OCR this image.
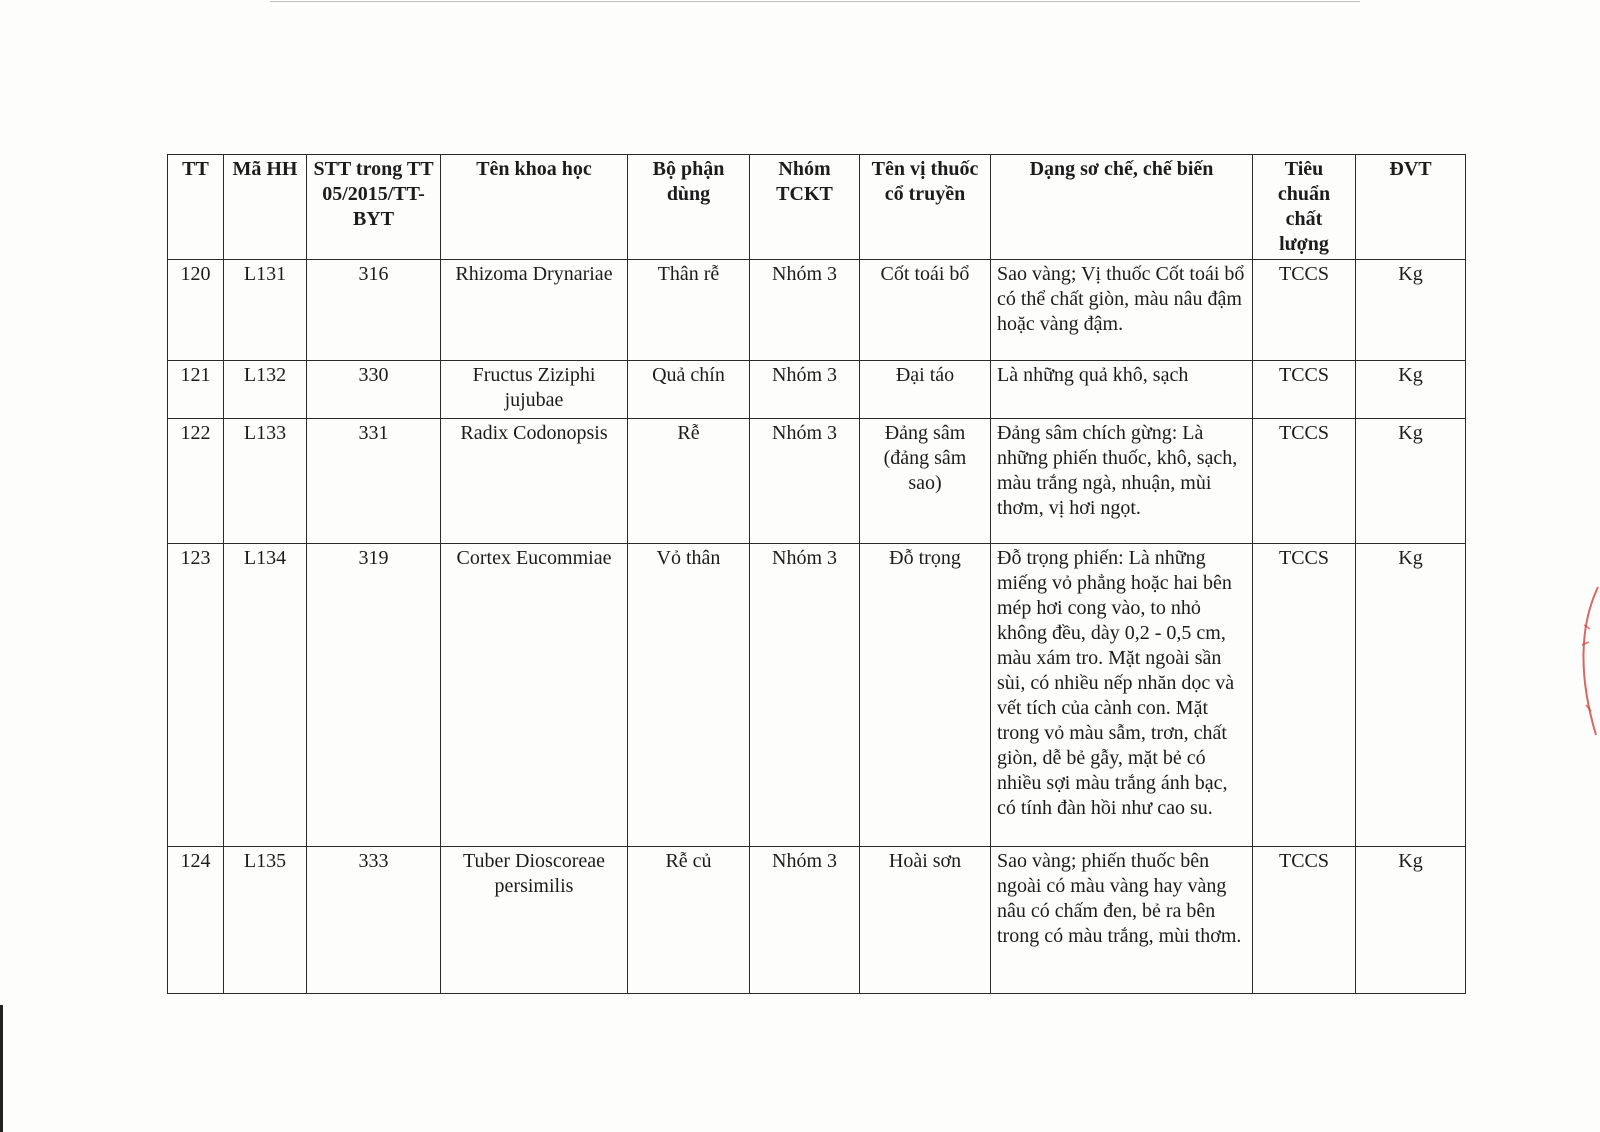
TT	Mã HH	STT trong TT 05/2015/TT-BYT	Tên khoa học	Bộ phận dùng	Nhóm TCKT	Tên vị thuốc cổ truyền	Dạng sơ chế, chế biến	Tiêu chuẩn chất lượng	ĐVT
120	L131	316	Rhizoma Drynariae	Thân rễ	Nhóm 3	Cốt toái bổ	Sao vàng; Vị thuốc Cốt toái bổ có thể chất giòn, màu nâu đậm hoặc vàng đậm.	TCCS	Kg
121	L132	330	Fructus Ziziphi jujubae	Quả chín	Nhóm 3	Đại táo	Là những quả khô, sạch	TCCS	Kg
122	L133	331	Radix Codonopsis	Rễ	Nhóm 3	Đảng sâm (đảng sâm sao)	Đảng sâm chích gừng: Là những phiến thuốc, khô, sạch, màu trắng ngà, nhuận, mùi thơm, vị hơi ngọt.	TCCS	Kg
123	L134	319	Cortex Eucommiae	Vỏ thân	Nhóm 3	Đỗ trọng	Đỗ trọng phiến: Là những miếng vỏ phẳng hoặc hai bên mép hơi cong vào, to nhỏ không đều, dày 0,2 - 0,5 cm, màu xám tro. Mặt ngoài sần sùi, có nhiều nếp nhăn dọc và vết tích của cành con. Mặt trong vỏ màu sẫm, trơn, chất giòn, dễ bẻ gẫy, mặt bẻ có nhiều sợi màu trắng ánh bạc, có tính đàn hồi như cao su.	TCCS	Kg
124	L135	333	Tuber Dioscoreae persimilis	Rễ củ	Nhóm 3	Hoài sơn	Sao vàng; phiến thuốc bên ngoài có màu vàng hay vàng nâu có chấm đen, bẻ ra bên trong có màu trắng, mùi thơm.	TCCS	Kg
